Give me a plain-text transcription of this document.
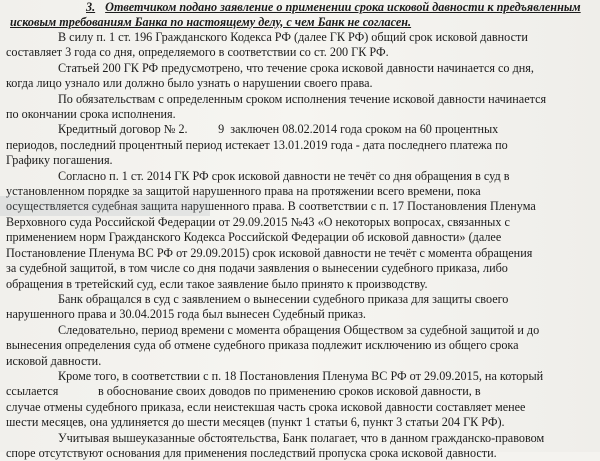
3. Ответчиком подано заявление о применении срока исковой давности к предъявленным
исковым требованиям Банка по настоящему делу, с чем Банк не согласен.
В силу п. 1 ст. 196 Гражданского Кодекса РФ (далее ГК РФ) общий срок исковой давности
составляет 3 года со дня, определяемого в соответствии со ст. 200 ГК РФ.
Статьей 200 ГК РФ предусмотрено, что течение срока исковой давности начинается со дня,
когда лицо узнало или должно было узнать о нарушении своего права.
По обязательствам с определенным сроком исполнения течение исковой давности начинается
по окончании срока исполнения.
Кредитный договор № 2.          9  заключен 08.02.2014 года сроком на 60 процентных
периодов, последний процентный период истекает 13.01.2019 года - дата последнего платежа по
Графику погашения.
Согласно п. 1 ст. 2014 ГК РФ срок исковой давности не течёт со дня обращения в суд в
установленном порядке за защитой нарушенного права на протяжении всего времени, пока
осуществляется судебная защита нарушенного права. В соответствии с п. 17 Постановления Пленума
Верховного суда Российской Федерации от 29.09.2015 №43 «О некоторых вопросах, связанных с
применением норм Гражданского Кодекса Российской Федерации об исковой давности» (далее
Постановление Пленума ВС РФ от 29.09.2015) срок исковой давности не течёт с момента обращения
за судебной защитой, в том числе со дня подачи заявления о вынесении судебного приказа, либо
обращения в третейский суд, если такое заявление было принято к производству.
Банк обращался в суд с заявлением о вынесении судебного приказа для защиты своего
нарушенного права и 30.04.2015 года был вынесен Судебный приказ.
Следовательно, период времени с момента обращения Обществом за судебной защитой и до
вынесения определения суда об отмене судебного приказа подлежит исключению из общего срока
исковой давности.
Кроме того, в соответствии с п. 18 Постановления Пленума ВС РФ от 29.09.2015, на который
ссылается             в обоснование своих доводов по применению сроков исковой давности, в
случае отмены судебного приказа, если неистекшая часть срока исковой давности составляет менее
шести месяцев, она удлиняется до шести месяцев (пункт 1 статьи 6, пункт 3 статьи 204 ГК РФ).
Учитывая вышеуказанные обстоятельства, Банк полагает, что в данном гражданско-правовом
споре отсутствуют основания для применения последствий пропуска срока исковой давности.
